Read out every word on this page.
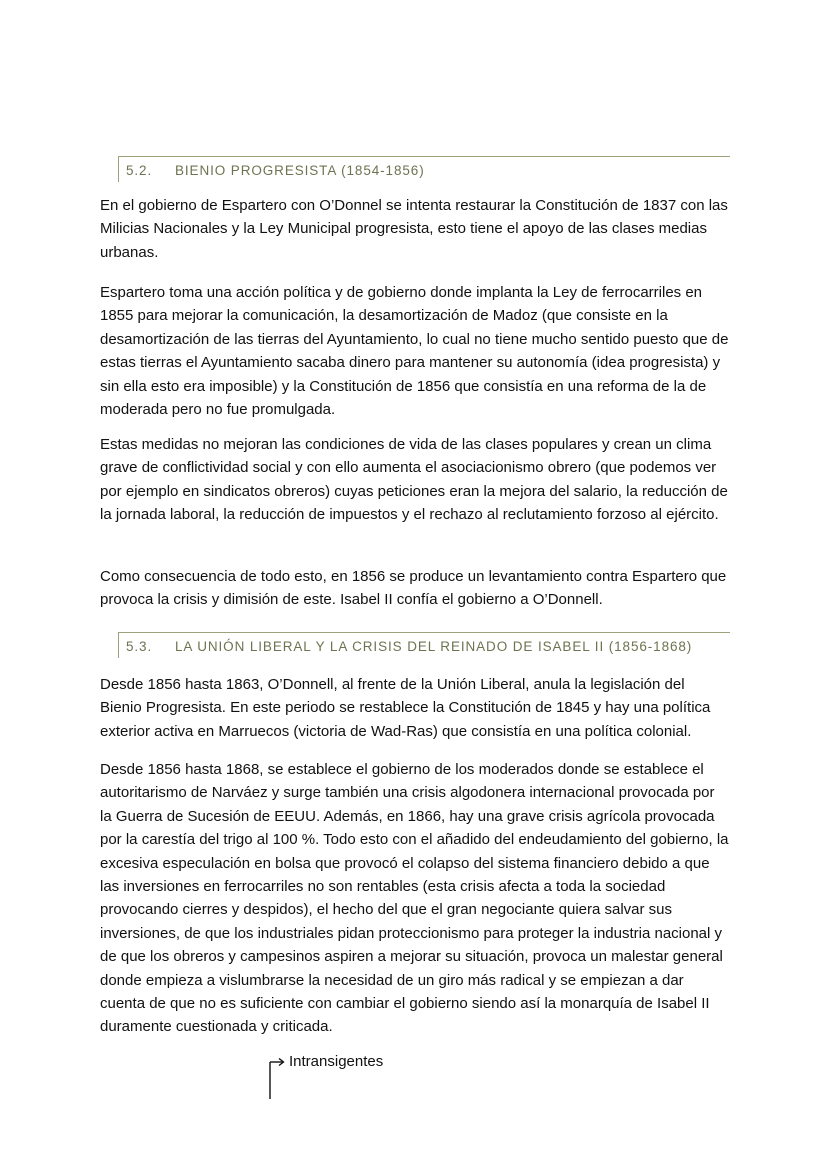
5.2. BIENIO PROGRESISTA (1854-1856)

En el gobierno de Espartero con O’Donnel se intenta restaurar la Constitución de 1837 con las Milicias Nacionales y la Ley Municipal progresista, esto tiene el apoyo de las clases medias urbanas.

Espartero toma una acción política y de gobierno donde implanta la Ley de ferrocarriles en 1855 para mejorar la comunicación, la desamortización de Madoz (que consiste en la desamortización de las tierras del Ayuntamiento, lo cual no tiene mucho sentido puesto que de estas tierras el Ayuntamiento sacaba dinero para mantener su autonomía (idea progresista) y sin ella esto era imposible) y la Constitución de 1856 que consistía en una reforma de la de moderada pero no fue promulgada.

Estas medidas no mejoran las condiciones de vida de las clases populares y crean un clima grave de conflictividad social y con ello aumenta el asociacionismo obrero (que podemos ver por ejemplo en sindicatos obreros) cuyas peticiones eran la mejora del salario, la reducción de la jornada laboral, la reducción de impuestos y el rechazo al reclutamiento forzoso al ejército.

Como consecuencia de todo esto, en 1856 se produce un levantamiento contra Espartero que provoca la crisis y dimisión de este. Isabel II confía el gobierno a O’Donnell.

5.3. LA UNIÓN LIBERAL Y LA CRISIS DEL REINADO DE ISABEL II (1856-1868)

Desde 1856 hasta 1863, O’Donnell, al frente de la Unión Liberal, anula la legislación del Bienio Progresista. En este periodo se restablece la Constitución de 1845 y hay una política exterior activa en Marruecos (victoria de Wad-Ras) que consistía en una política colonial.

Desde 1856 hasta 1868, se establece el gobierno de los moderados donde se establece el autoritarismo de Narváez y surge también una crisis algodonera internacional provocada por la Guerra de Sucesión de EEUU. Además, en 1866, hay una grave crisis agrícola provocada por la carestía del trigo al 100 %. Todo esto con el añadido del endeudamiento del gobierno, la excesiva especulación en bolsa que provocó el colapso del sistema financiero debido a que las inversiones en ferrocarriles no son rentables (esta crisis afecta a toda la sociedad provocando cierres y despidos), el hecho del que el gran negociante quiera salvar sus inversiones, de que los industriales pidan proteccionismo para proteger la industria nacional y de que los obreros y campesinos aspiren a mejorar su situación, provoca un malestar general donde empieza a vislumbrarse la necesidad de un giro más radical y se empiezan a dar cuenta de que no es suficiente con cambiar el gobierno siendo así la monarquía de Isabel II duramente cuestionada y criticada.

Intransigentes
